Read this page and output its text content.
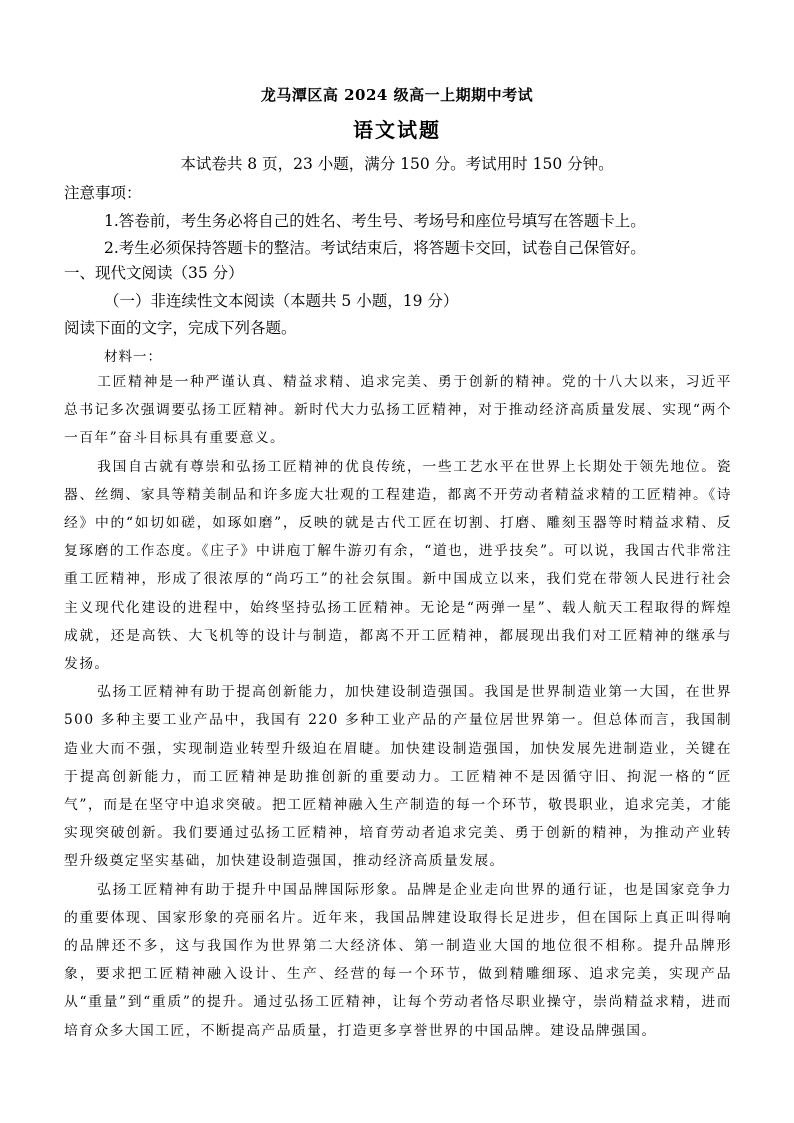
龙马潭区高 2024 级高一上期期中考试
语文试题
本试卷共 8 页，23 小题，满分 150 分。考试用时 150 分钟。
注意事项：
1.答卷前，考生务必将自己的姓名、考生号、考场号和座位号填写在答题卡上。
2.考生必须保持答题卡的整洁。考试结束后，将答题卡交回，试卷自己保管好。
一、现代文阅读（35 分）
（一）非连续性文本阅读（本题共 5 小题，19 分）
阅读下面的文字，完成下列各题。
材料一：

工匠精神是一种严谨认真、精益求精、追求完美、勇于创新的精神。党的十八大以来，习近平总书记多次强调要弘扬工匠精神。新时代大力弘扬工匠精神，对于推动经济高质量发展、实现“两个一百年”奋斗目标具有重要意义。

我国自古就有尊崇和弘扬工匠精神的优良传统，一些工艺水平在世界上长期处于领先地位。瓷器、丝绸、家具等精美制品和许多庞大壮观的工程建造，都离不开劳动者精益求精的工匠精神。《诗经》中的“如切如磋，如琢如磨”，反映的就是古代工匠在切割、打磨、雕刻玉器等时精益求精、反复琢磨的工作态度。《庄子》中讲庖丁解牛游刃有余，“道也，进乎技矣”。可以说，我国古代非常注重工匠精神，形成了很浓厚的“尚巧工”的社会氛围。新中国成立以来，我们党在带领人民进行社会主义现代化建设的进程中，始终坚持弘扬工匠精神。无论是“两弹一星”、载人航天工程取得的辉煌成就，还是高铁、大飞机等的设计与制造，都离不开工匠精神，都展现出我们对工匠精神的继承与发扬。

弘扬工匠精神有助于提高创新能力，加快建设制造强国。我国是世界制造业第一大国，在世界 500 多种主要工业产品中，我国有 220 多种工业产品的产量位居世界第一。但总体而言，我国制造业大而不强，实现制造业转型升级迫在眉睫。加快建设制造强国，加快发展先进制造业，关键在于提高创新能力，而工匠精神是助推创新的重要动力。工匠精神不是因循守旧、拘泥一格的“匠气”，而是在坚守中追求突破。把工匠精神融入生产制造的每一个环节，敬畏职业，追求完美，才能实现突破创新。我们要通过弘扬工匠精神，培育劳动者追求完美、勇于创新的精神，为推动产业转型升级奠定坚实基础，加快建设制造强国，推动经济高质量发展。

弘扬工匠精神有助于提升中国品牌国际形象。品牌是企业走向世界的通行证，也是国家竞争力的重要体现、国家形象的亮丽名片。近年来，我国品牌建设取得长足进步，但在国际上真正叫得响的品牌还不多，这与我国作为世界第二大经济体、第一制造业大国的地位很不相称。提升品牌形象，要求把工匠精神融入设计、生产、经营的每一个环节，做到精雕细琢、追求完美，实现产品从“重量”到“重质”的提升。通过弘扬工匠精神，让每个劳动者恪尽职业操守，崇尚精益求精，进而培育众多大国工匠，不断提高产品质量，打造更多享誉世界的中国品牌。建设品牌强国。
